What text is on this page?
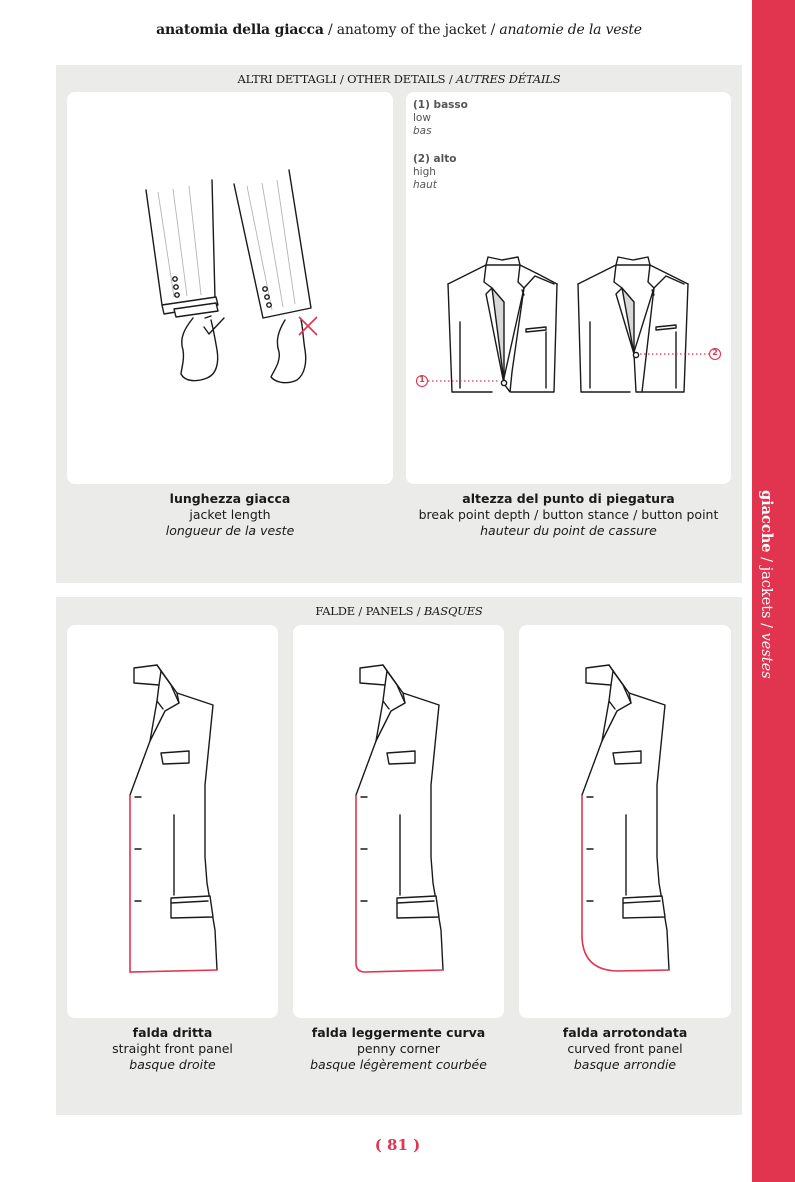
anatomia della giacca / anatomy of the jacket / anatomie de la veste
giacche / jackets / vestes
ALTRI DETTAGLI / OTHER DETAILS / AUTRES DÉTAILS
lunghezza giacca
jacket length
longueur de la veste
(1) basso
low
bas
(2) alto
high
haut
1
2
altezza del punto di piegatura
break point depth / button stance / button point
hauteur du point de cassure
FALDE / PANELS / BASQUES
falda dritta
straight front panel
basque droite
falda leggermente curva
penny corner
basque légèrement courbée
falda arrotondata
curved front panel
basque arrondie
( 81 )
